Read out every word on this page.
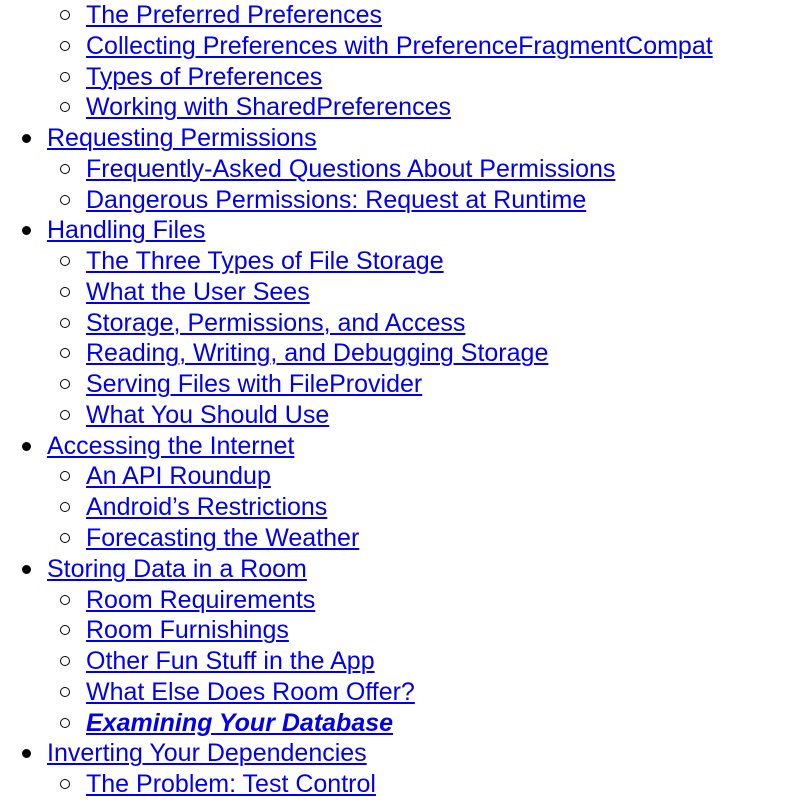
The Preferred Preferences
Collecting Preferences with PreferenceFragmentCompat
Types of Preferences
Working with SharedPreferences
Requesting Permissions
Frequently-Asked Questions About Permissions
Dangerous Permissions: Request at Runtime
Handling Files
The Three Types of File Storage
What the User Sees
Storage, Permissions, and Access
Reading, Writing, and Debugging Storage
Serving Files with FileProvider
What You Should Use
Accessing the Internet
An API Roundup
Android’s Restrictions
Forecasting the Weather
Storing Data in a Room
Room Requirements
Room Furnishings
Other Fun Stuff in the App
What Else Does Room Offer?
Examining Your Database
Inverting Your Dependencies
The Problem: Test Control
